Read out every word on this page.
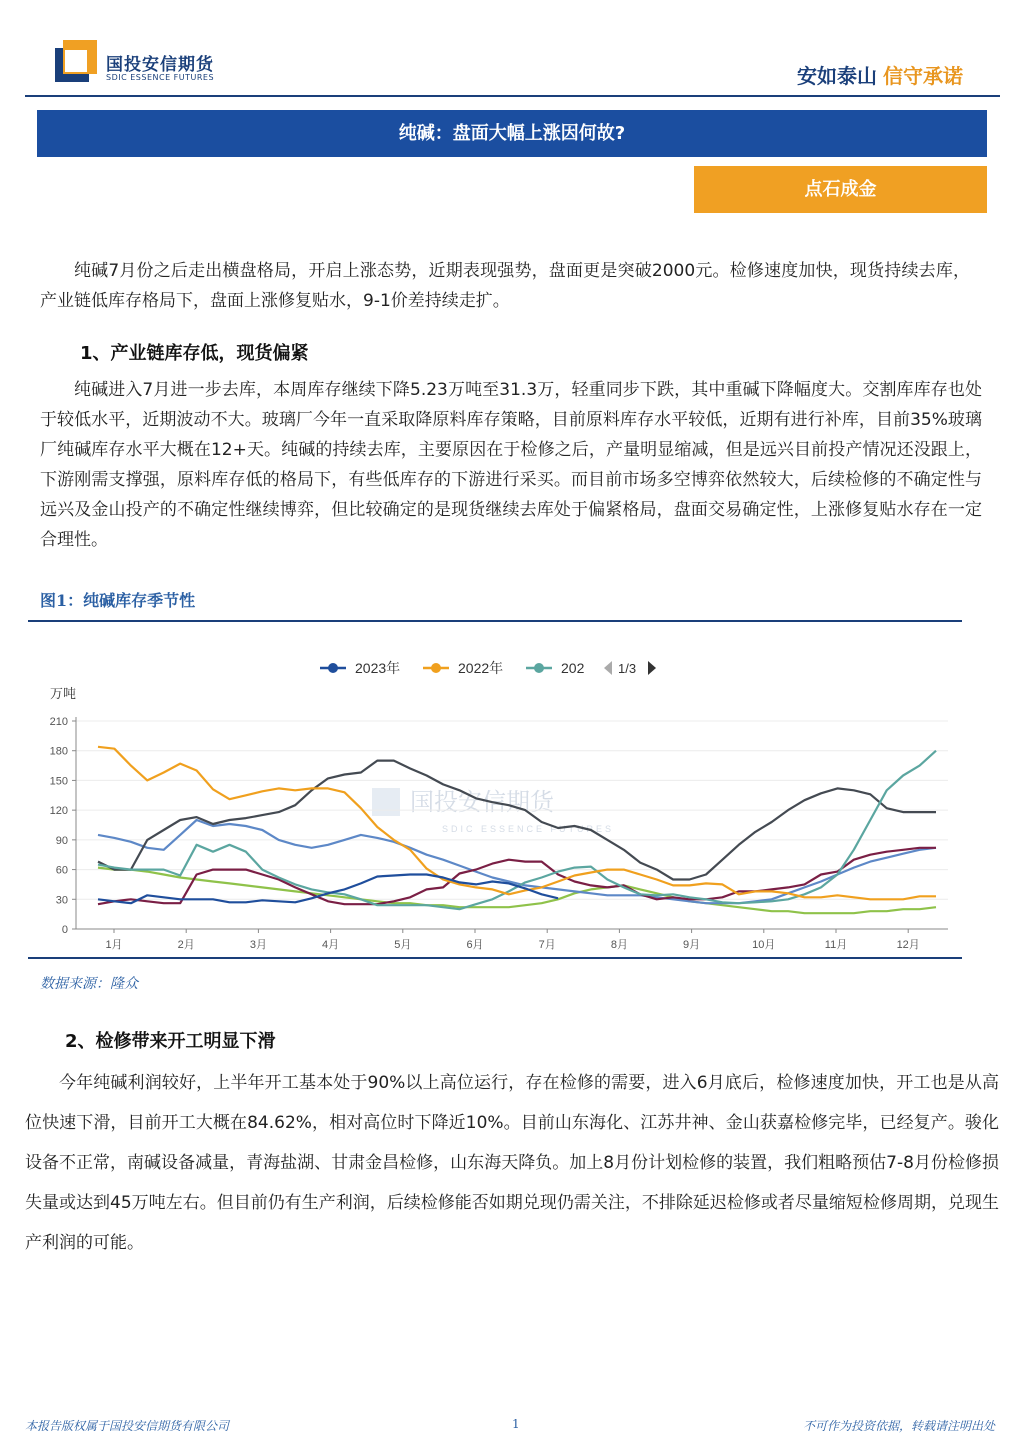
国投安信期货
SDIC ESSENCE FUTURES	安如泰山 信守承诺
纯碱：盘面大幅上涨因何故?
点石成金
纯碱7月份之后走出横盘格局，开启上涨态势，近期表现强势，盘面更是突破2000元。检修速度加快，现货持续去库，产业链低库存格局下，盘面上涨修复贴水，9-1价差持续走扩。
1、产业链库存低，现货偏紧
纯碱进入7月进一步去库，本周库存继续下降5.23万吨至31.3万，轻重同步下跌，其中重碱下降幅度大。交割库库存也处于较低水平，近期波动不大。玻璃厂今年一直采取降原料库存策略，目前原料库存水平较低，近期有进行补库，目前35%玻璃厂纯碱库存水平大概在12+天。纯碱的持续去库，主要原因在于检修之后，产量明显缩减，但是远兴目前投产情况还没跟上，下游刚需支撑强，原料库存低的格局下，有些低库存的下游进行采买。而目前市场多空博弈依然较大，后续检修的不确定性与远兴及金山投产的不确定性继续博弈，但比较确定的是现货继续去库处于偏紧格局，盘面交易确定性，上涨修复贴水存在一定合理性。
图1：纯碱库存季节性
国投安信期货
SDIC ESSENCE FUTURES
万吨
0
30
60
90
120
150
180
210
1月	2月	3月	4月	5月	6月	7月	8月	9月	10月	11月	12月
2023年	2022年	202	1/3
数据来源：隆众
2、检修带来开工明显下滑
今年纯碱利润较好，上半年开工基本处于90%以上高位运行，存在检修的需要，进入6月底后，检修速度加快，开工也是从高位快速下滑，目前开工大概在84.62%，相对高位时下降近10%。目前山东海化、江苏井神、金山获嘉检修完毕，已经复产。骏化设备不正常，南碱设备减量，青海盐湖、甘肃金昌检修，山东海天降负。加上8月份计划检修的装置，我们粗略预估7-8月份检修损失量或达到45万吨左右。但目前仍有生产利润，后续检修能否如期兑现仍需关注，不排除延迟检修或者尽量缩短检修周期，兑现生产利润的可能。
本报告版权属于国投安信期货有限公司	1	不可作为投资依据，转载请注明出处
